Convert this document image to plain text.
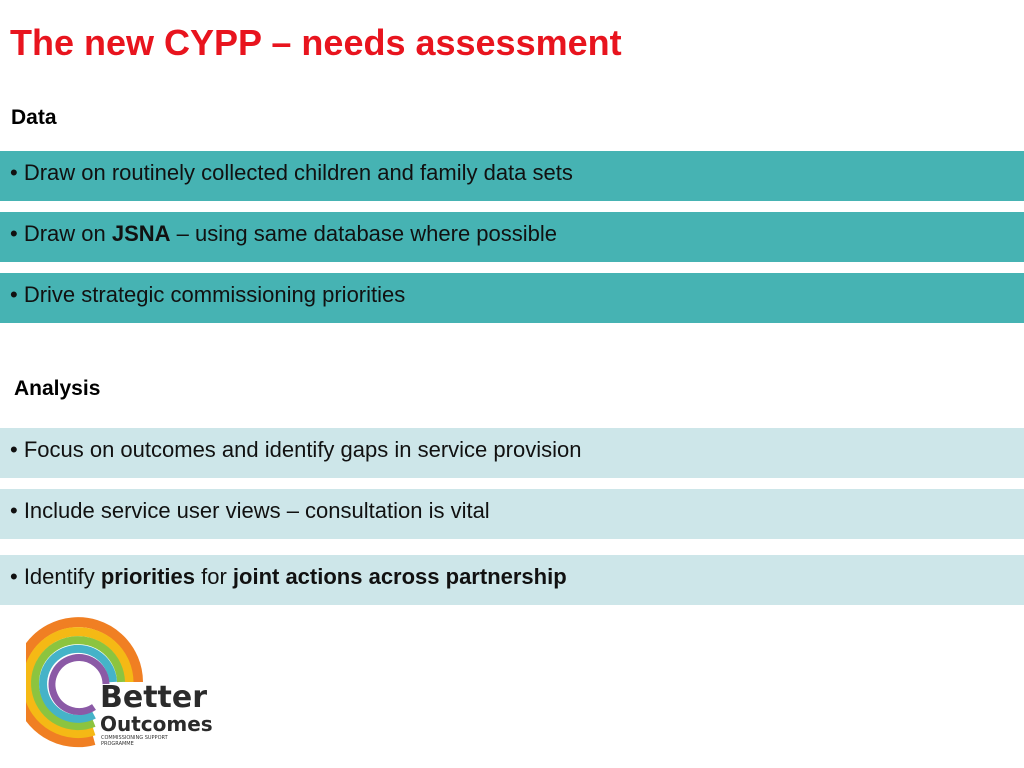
The new CYPP – needs assessment
Data
• Draw on routinely collected children and family data sets
• Draw on JSNA – using same database where possible
• Drive strategic commissioning priorities
Analysis
• Focus on outcomes and identify gaps in service provision
• Include service user views – consultation is vital
• Identify priorities for joint actions across partnership
Better
Outcomes
COMMISSIONING SUPPORT
PROGRAMME
